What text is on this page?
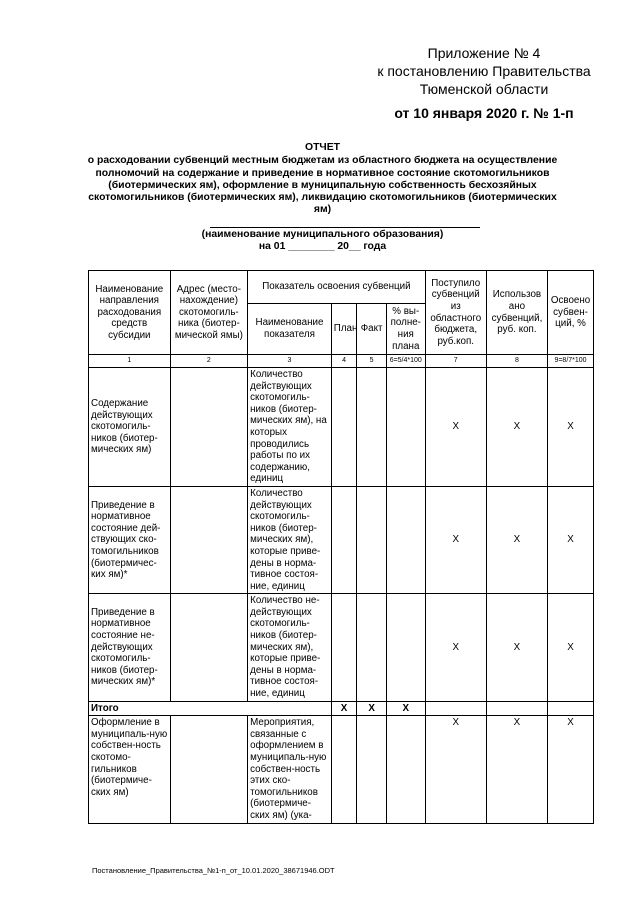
Приложение № 4
к постановлению Правительства
Тюменской области
от 10 января 2020 г. № 1-п
ОТЧЕТ
о расходовании субвенций местным бюджетам из областного бюджета на осуществление полномочий на содержание и приведение в нормативное состояние скотомогильников (биотермических ям), оформление в муниципальную собственность бесхозяйных скотомогильников (биотермических ям), ликвидацию скотомогильников (биотермических ям)
(наименование муниципального образования)
на 01 ________ 20__ года
Наименование направления расходования средств субсидии	Адрес (место-нахождение) скотомогиль-ника (биотер-мической ямы)	Показатель освоения субвенций				Поступило субвенций из областного бюджета, руб.коп.	Использов ано субвенций, руб. коп.	Освоено субвен-ций, %
		Наименование показателя	План	Факт	% вы-полне-ния плана			
1	2	3	4	5	6=5/4*100	7	8	9=8/7*100
Содержание действующих скотомогиль-ников (биотер-мических ям)		Количество действующих скотомогиль-ников (биотер-мических ям), на которых проводились работы по их содержанию, единиц				X	X	X
Приведение в нормативное состояние дей-ствующих ско-томогильников (биотермичес-ких ям)*		Количество действующих скотомогиль-ников (биотер-мических ям), которые приве-дены в норма-тивное состоя-ние, единиц				X	X	X
Приведение в нормативное состояние не-действующих скотомогиль-ников (биотер-мических ям)*		Количество не-действующих скотомогиль-ников (биотер-мических ям), которые приве-дены в норма-тивное состоя-ние, единиц				X	X	X
Итого			X	X	X			
Оформление в муниципаль-ную собствен-ность скотомо-гильников (биотермиче-ских ям)		Мероприятия, связанные с оформлением в муниципаль-ную собствен-ность этих ско-томогильников (биотермиче-ских ям) (ука-				X	X	X
Постановление_Правительства_№1-п_от_10.01.2020_38671946.ODT
